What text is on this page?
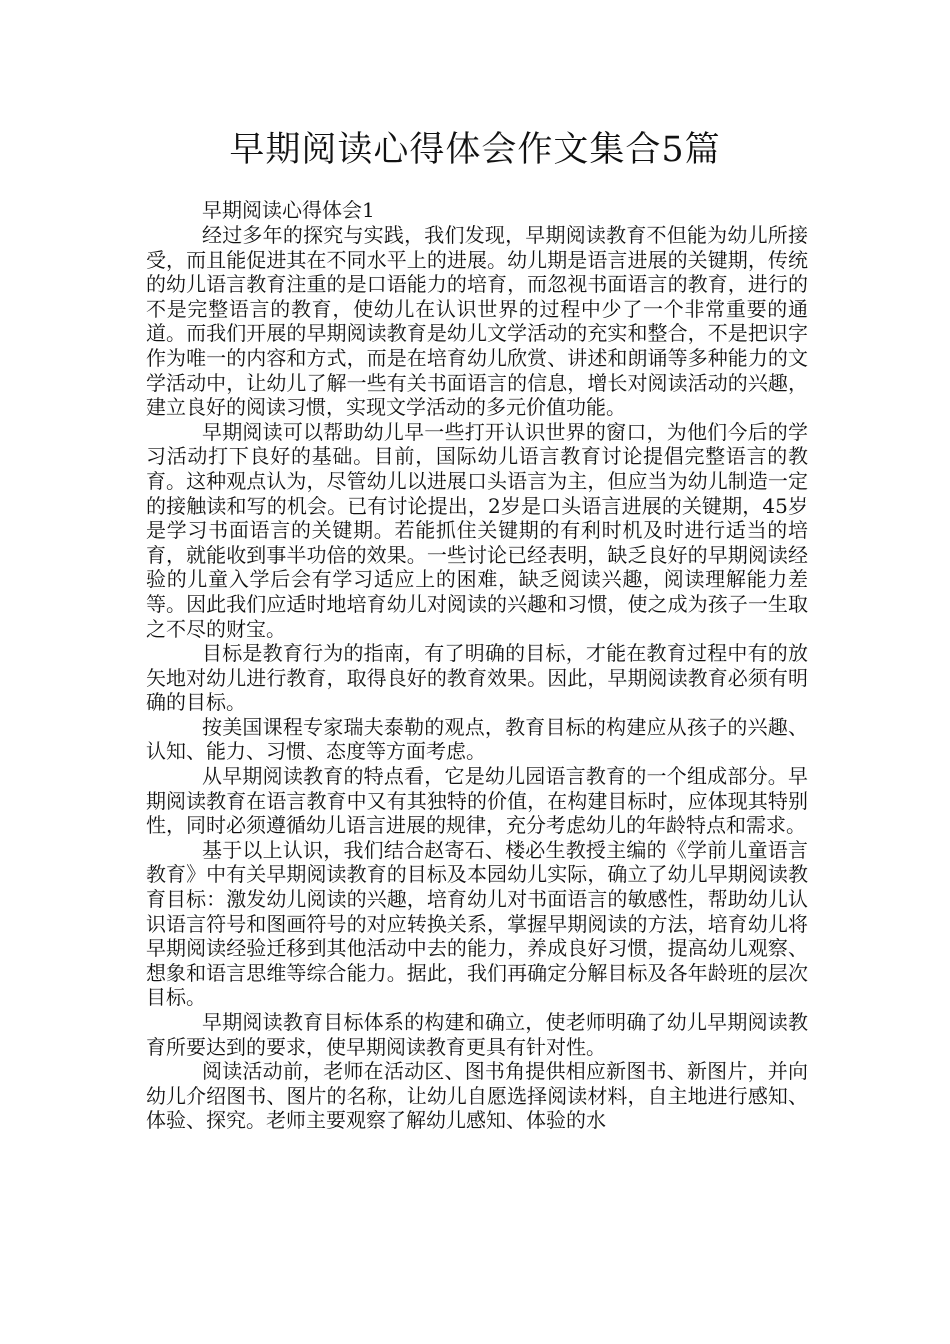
早期阅读心得体会作文集合5篇

早期阅读心得体会1

经过多年的探究与实践，我们发现，早期阅读教育不但能为幼儿所接受，而且能促进其在不同水平上的进展。幼儿期是语言进展的关键期，传统的幼儿语言教育注重的是口语能力的培育，而忽视书面语言的教育，进行的不是完整语言的教育，使幼儿在认识世界的过程中少了一个非常重要的通道。而我们开展的早期阅读教育是幼儿文学活动的充实和整合，不是把识字作为唯一的内容和方式，而是在培育幼儿欣赏、讲述和朗诵等多种能力的文学活动中，让幼儿了解一些有关书面语言的信息，增长对阅读活动的兴趣，建立良好的阅读习惯，实现文学活动的多元价值功能。

早期阅读可以帮助幼儿早一些打开认识世界的窗口，为他们今后的学习活动打下良好的基础。目前，国际幼儿语言教育讨论提倡完整语言的教育。这种观点认为，尽管幼儿以进展口头语言为主，但应当为幼儿制造一定的接触读和写的机会。已有讨论提出，2岁是口头语言进展的关键期，45岁是学习书面语言的关键期。若能抓住关键期的有利时机及时进行适当的培育，就能收到事半功倍的效果。一些讨论已经表明，缺乏良好的早期阅读经验的儿童入学后会有学习适应上的困难，缺乏阅读兴趣，阅读理解能力差等。因此我们应适时地培育幼儿对阅读的兴趣和习惯，使之成为孩子一生取之不尽的财宝。

目标是教育行为的指南，有了明确的目标，才能在教育过程中有的放矢地对幼儿进行教育，取得良好的教育效果。因此，早期阅读教育必须有明确的目标。

按美国课程专家瑞夫泰勒的观点，教育目标的构建应从孩子的兴趣、认知、能力、习惯、态度等方面考虑。

从早期阅读教育的特点看，它是幼儿园语言教育的一个组成部分。早期阅读教育在语言教育中又有其独特的价值，在构建目标时，应体现其特别性，同时必须遵循幼儿语言进展的规律，充分考虑幼儿的年龄特点和需求。

基于以上认识，我们结合赵寄石、楼必生教授主编的《学前儿童语言教育》中有关早期阅读教育的目标及本园幼儿实际，确立了幼儿早期阅读教育目标：激发幼儿阅读的兴趣，培育幼儿对书面语言的敏感性，帮助幼儿认识语言符号和图画符号的对应转换关系，掌握早期阅读的方法，培育幼儿将早期阅读经验迁移到其他活动中去的能力，养成良好习惯，提高幼儿观察、想象和语言思维等综合能力。据此，我们再确定分解目标及各年龄班的层次目标。

早期阅读教育目标体系的构建和确立，使老师明确了幼儿早期阅读教育所要达到的要求，使早期阅读教育更具有针对性。

阅读活动前，老师在活动区、图书角提供相应新图书、新图片，并向幼儿介绍图书、图片的名称，让幼儿自愿选择阅读材料，自主地进行感知、体验、探究。老师主要观察了解幼儿感知、体验的水
